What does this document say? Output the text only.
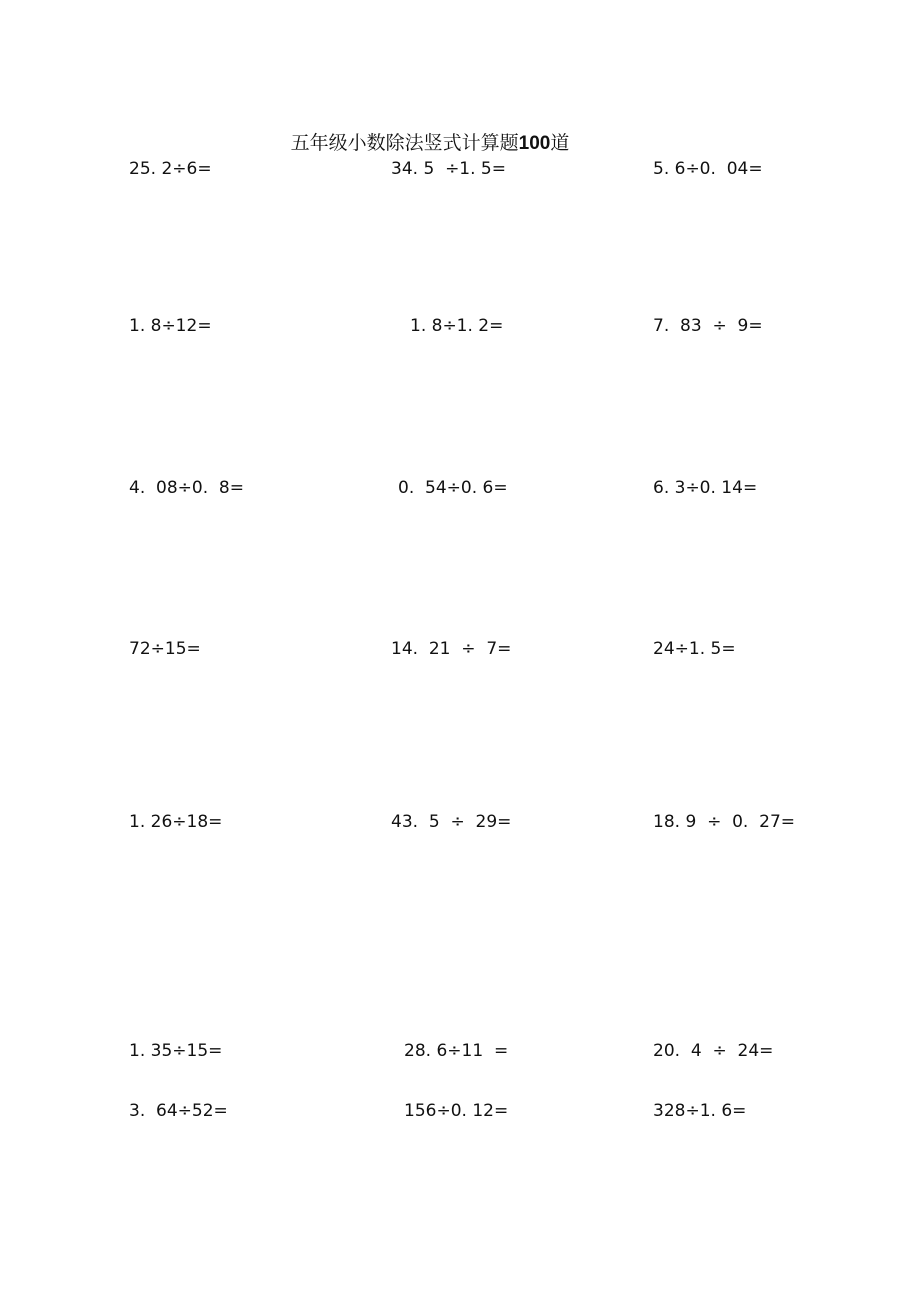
五年级小数除法竖式计算题100道
25. 2÷6=	34. 5  ÷1. 5=	5. 6÷0.  04=
1. 8÷12=	1. 8÷1. 2=	7.  83  ÷  9=
4.  08÷0.  8=	0.  54÷0. 6=	6. 3÷0. 14=
72÷15=	14.  21  ÷  7=	24÷1. 5=
1. 26÷18=	43.  5  ÷  29=	18. 9  ÷  0.  27=
1. 35÷15=	28. 6÷11  =	20.  4  ÷  24=
3.  64÷52=	156÷0. 12=	328÷1. 6=
